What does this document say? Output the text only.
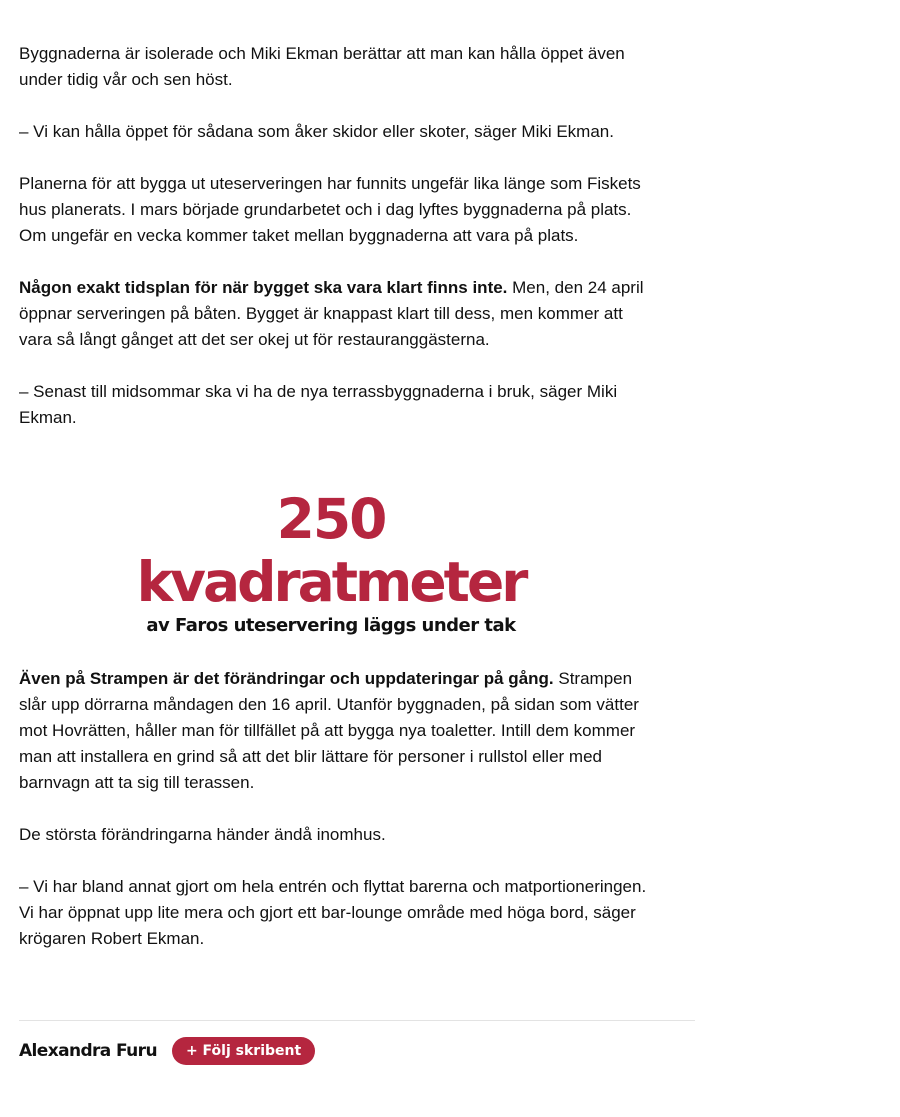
Byggnaderna är isolerade och Miki Ekman berättar att man kan hålla öppet även under tidig vår och sen höst.

– Vi kan hålla öppet för sådana som åker skidor eller skoter, säger Miki Ekman.

Planerna för att bygga ut uteserveringen har funnits ungefär lika länge som Fiskets hus planerats. I mars började grundarbetet och i dag lyftes byggnaderna på plats. Om ungefär en vecka kommer taket mellan byggnaderna att vara på plats.

Någon exakt tidsplan för när bygget ska vara klart finns inte. Men, den 24 april öppnar serveringen på båten. Bygget är knappast klart till dess, men kommer att vara så långt gånget att det ser okej ut för restauranggästerna.

– Senast till midsommar ska vi ha de nya terrassbyggnaderna i bruk, säger Miki Ekman.

250
kvadratmeter
av Faros uteservering läggs under tak

Även på Strampen är det förändringar och uppdateringar på gång. Strampen slår upp dörrarna måndagen den 16 april. Utanför byggnaden, på sidan som vätter mot Hovrätten, håller man för tillfället på att bygga nya toaletter. Intill dem kommer man att installera en grind så att det blir lättare för personer i rullstol eller med barnvagn att ta sig till terassen.

De största förändringarna händer ändå inomhus.

– Vi har bland annat gjort om hela entrén och flyttat barerna och matportioneringen. Vi har öppnat upp lite mera och gjort ett bar-lounge område med höga bord, säger krögaren Robert Ekman.

Alexandra Furu	+ Följ skribent
